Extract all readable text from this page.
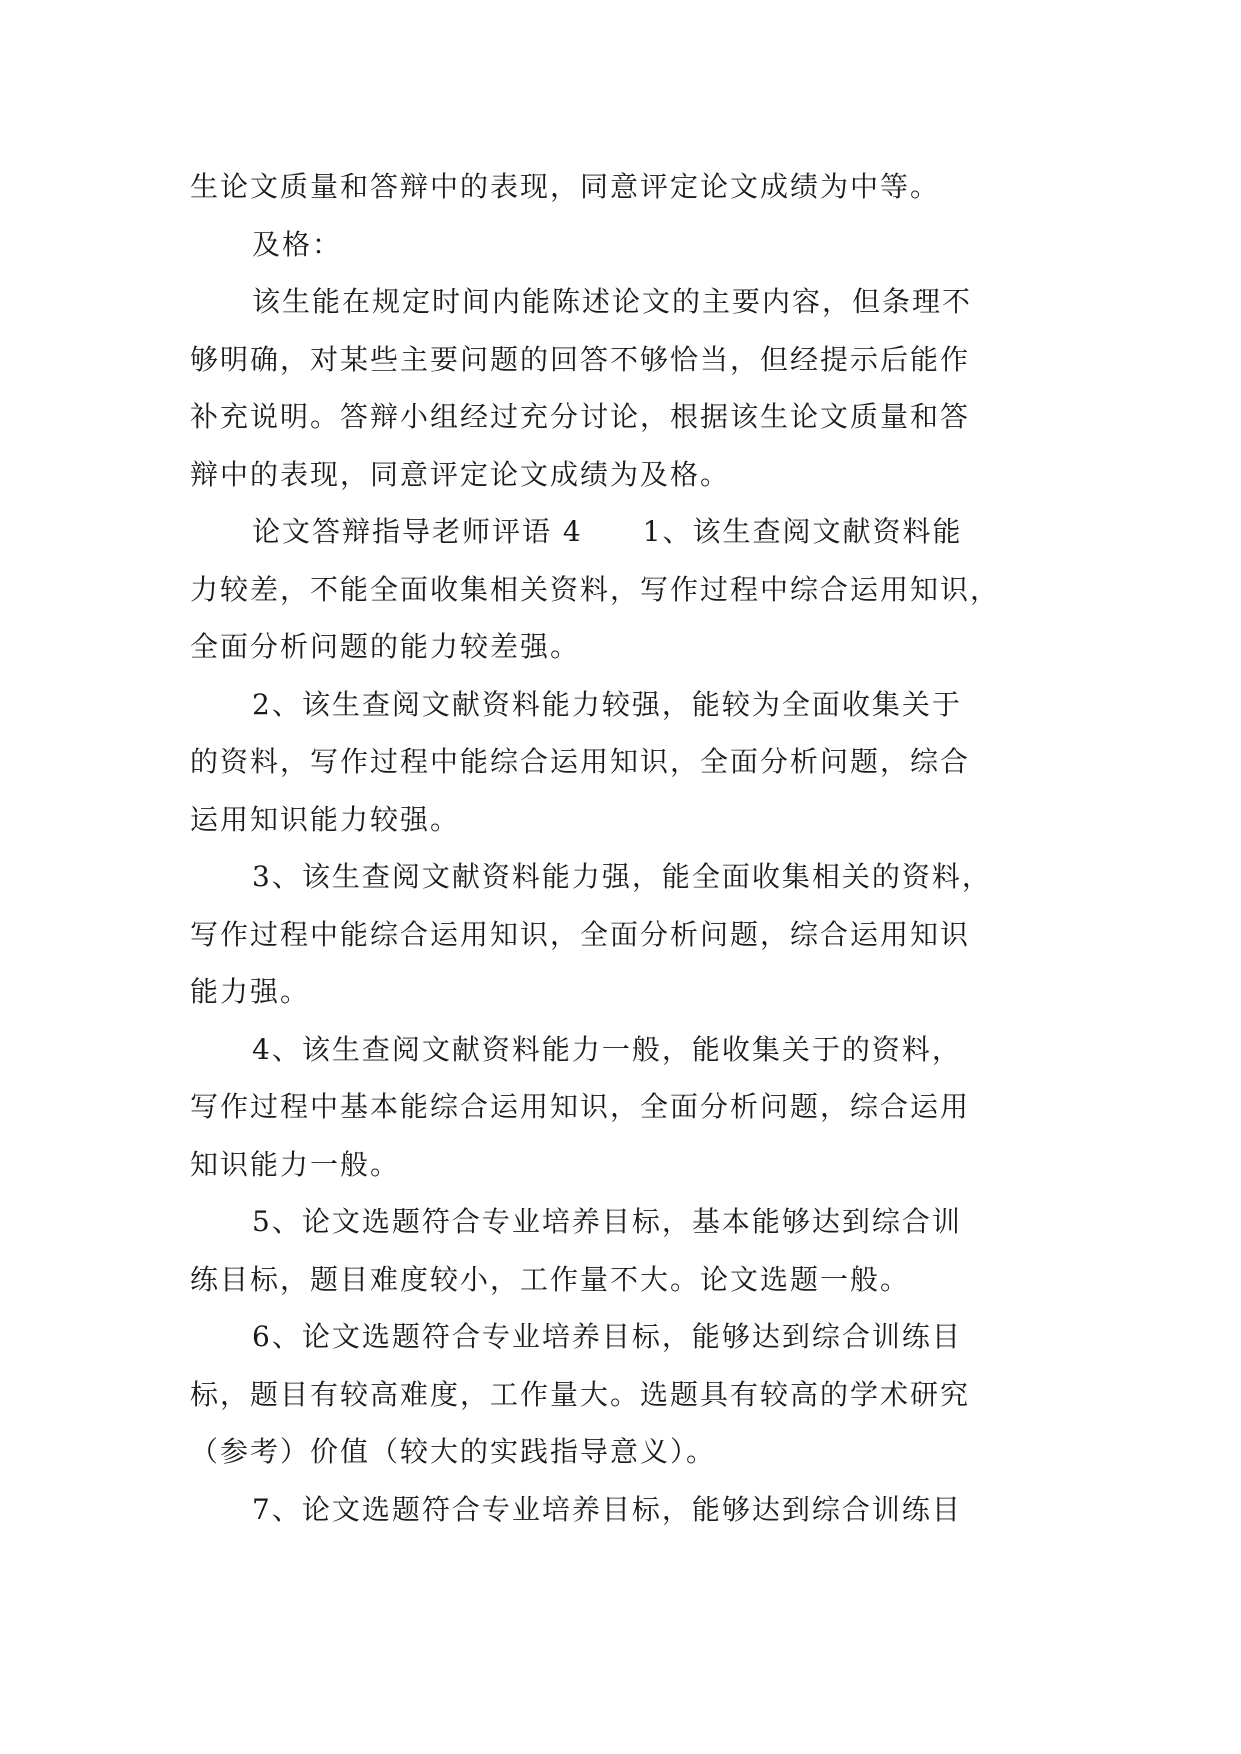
生论文质量和答辩中的表现，同意评定论文成绩为中等。
及格：
该生能在规定时间内能陈述论文的主要内容，但条理不
够明确，对某些主要问题的回答不够恰当，但经提示后能作
补充说明。答辩小组经过充分讨论，根据该生论文质量和答
辩中的表现，同意评定论文成绩为及格。
论文答辩指导老师评语 4　　1、该生查阅文献资料能
力较差，不能全面收集相关资料，写作过程中综合运用知识，
全面分析问题的能力较差强。
2、该生查阅文献资料能力较强，能较为全面收集关于
的资料，写作过程中能综合运用知识，全面分析问题，综合
运用知识能力较强。
3、该生查阅文献资料能力强，能全面收集相关的资料，
写作过程中能综合运用知识，全面分析问题，综合运用知识
能力强。
4、该生查阅文献资料能力一般，能收集关于的资料，
写作过程中基本能综合运用知识，全面分析问题，综合运用
知识能力一般。
5、论文选题符合专业培养目标，基本能够达到综合训
练目标，题目难度较小，工作量不大。论文选题一般。
6、论文选题符合专业培养目标，能够达到综合训练目
标，题目有较高难度，工作量大。选题具有较高的学术研究
（参考）价值（较大的实践指导意义）。
7、论文选题符合专业培养目标，能够达到综合训练目
